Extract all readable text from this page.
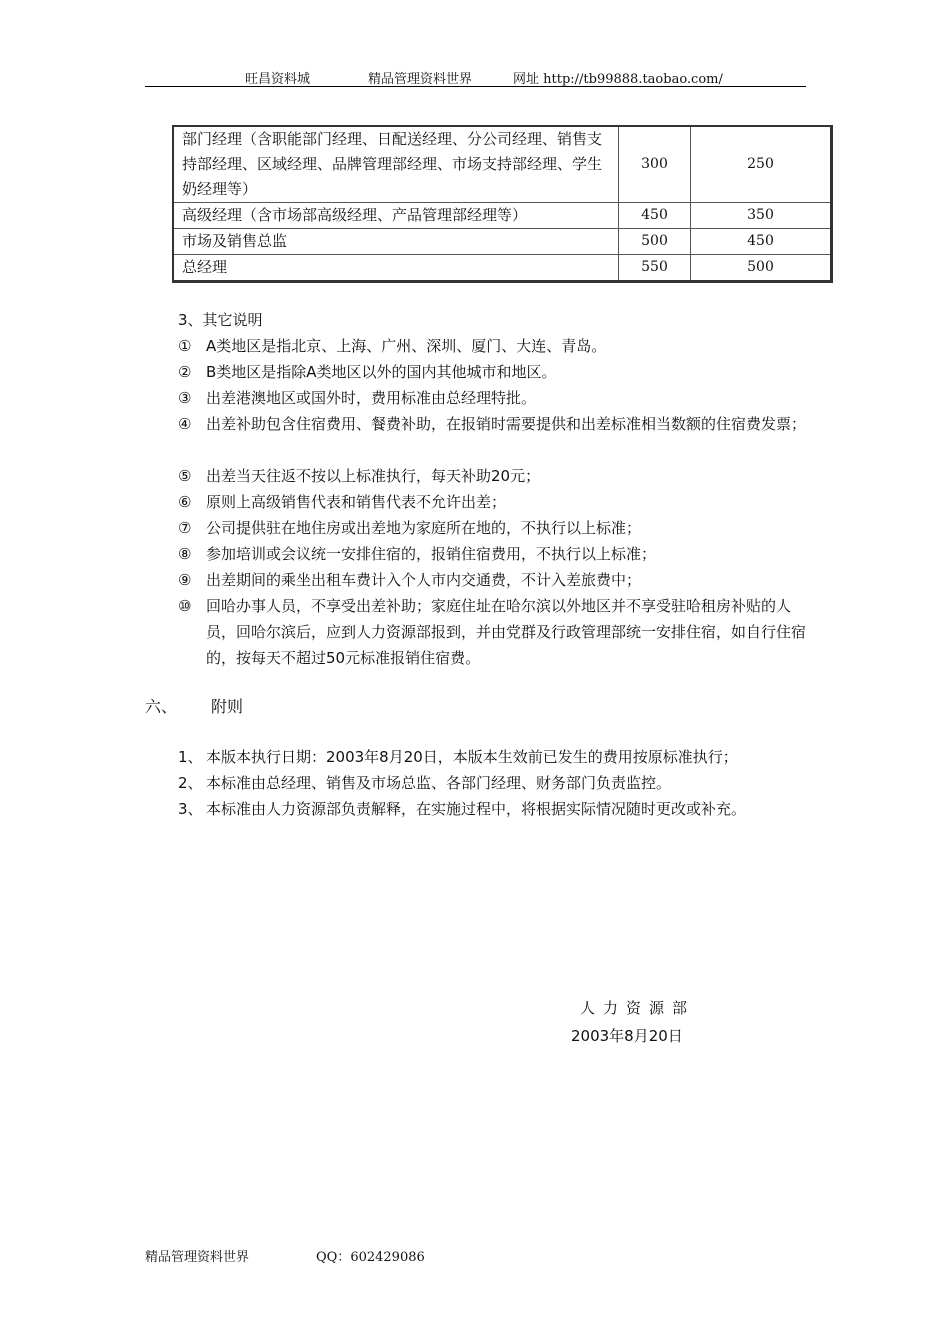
旺昌资料城	精品管理资料世界	网址 http://tb99888.taobao.com/
部门经理（含职能部门经理、日配送经理、分公司经理、销售支持部经理、区域经理、品牌管理部经理、市场支持部经理、学生奶经理等）	300	250
高级经理（含市场部高级经理、产品管理部经理等）	450	350
市场及销售总监	500	450
总经理	550	500
3、其它说明
① A类地区是指北京、上海、广州、深圳、厦门、大连、青岛。
② B类地区是指除A类地区以外的国内其他城市和地区。
③ 出差港澳地区或国外时，费用标准由总经理特批。
④ 出差补助包含住宿费用、餐费补助，在报销时需要提供和出差标准相当数额的住宿费发票；
⑤ 出差当天往返不按以上标准执行，每天补助20元；
⑥ 原则上高级销售代表和销售代表不允许出差；
⑦ 公司提供驻在地住房或出差地为家庭所在地的，不执行以上标准；
⑧ 参加培训或会议统一安排住宿的，报销住宿费用，不执行以上标准；
⑨ 出差期间的乘坐出租车费计入个人市内交通费，不计入差旅费中；
⑩ 回哈办事人员，不享受出差补助；家庭住址在哈尔滨以外地区并不享受驻哈租房补贴的人员，回哈尔滨后，应到人力资源部报到，并由党群及行政管理部统一安排住宿，如自行住宿的，按每天不超过50元标准报销住宿费。
六、 附则
1、 本版本执行日期：2003年8月20日，本版本生效前已发生的费用按原标准执行；
2、 本标准由总经理、销售及市场总监、各部门经理、财务部门负责监控。
3、 本标准由人力资源部负责解释，在实施过程中，将根据实际情况随时更改或补充。
人力资源部
2003年8月20日
精品管理资料世界	QQ：602429086
